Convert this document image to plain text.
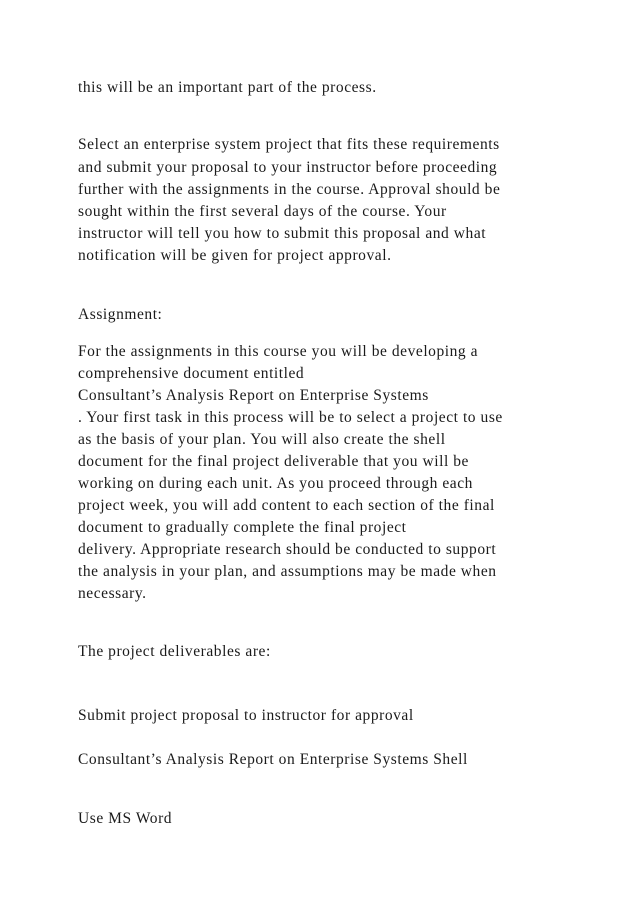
this will be an important part of the process.

Select an enterprise system project that fits these requirements

and submit your proposal to your instructor before proceeding

further with the assignments in the course. Approval should be

sought within the first several days of the course. Your

instructor will tell you how to submit this proposal and what

notification will be given for project approval.

Assignment:

For the assignments in this course you will be developing a

comprehensive document entitled

Consultant’s Analysis Report on Enterprise Systems

. Your first task in this process will be to select a project to use

as the basis of your plan. You will also create the shell

document for the final project deliverable that you will be

working on during each unit. As you proceed through each

project week, you will add content to each section of the final

document to gradually complete the final project

delivery. Appropriate research should be conducted to support

the analysis in your plan, and assumptions may be made when

necessary.

The project deliverables are:

Submit project proposal to instructor for approval

Consultant’s Analysis Report on Enterprise Systems Shell

Use MS Word
